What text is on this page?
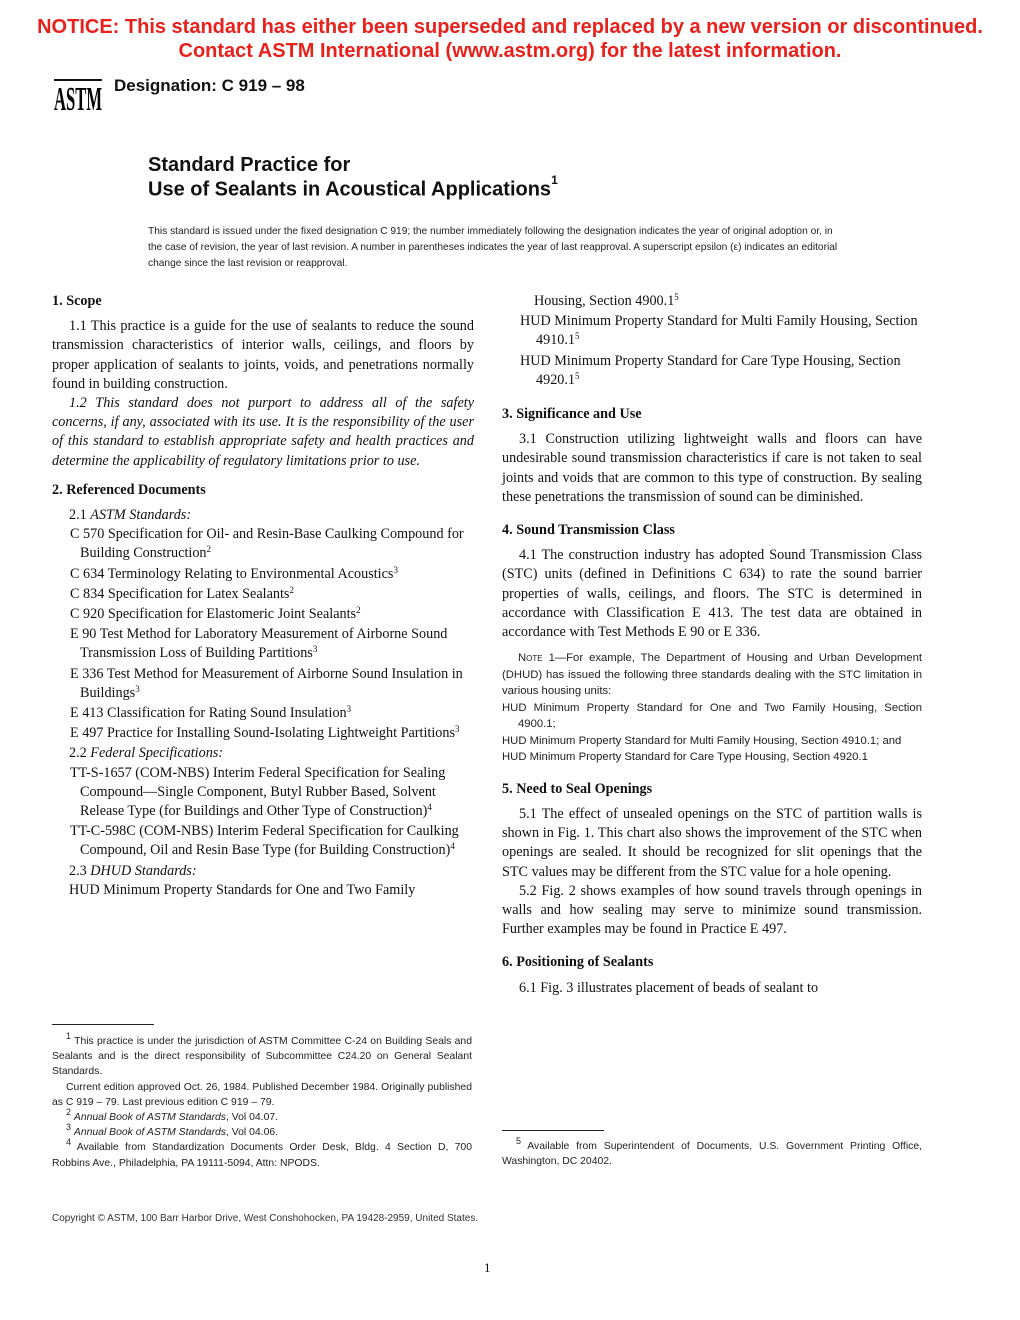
NOTICE: This standard has either been superseded and replaced by a new version or discontinued.
Contact ASTM International (www.astm.org) for the latest information.
ASTM Designation: C 919 – 98
Standard Practice for
Use of Sealants in Acoustical Applications$^1$
This standard is issued under the fixed designation C 919; the number immediately following the designation indicates the year of original adoption or, in the case of revision, the year of last revision. A number in parentheses indicates the year of last reapproval. A superscript epsilon (ε) indicates an editorial change since the last revision or reapproval.
1. Scope
1.1 This practice is a guide for the use of sealants to reduce the sound transmission characteristics of interior walls, ceilings, and floors by proper application of sealants to joints, voids, and penetrations normally found in building construction.
1.2 This standard does not purport to address all of the safety concerns, if any, associated with its use. It is the responsibility of the user of this standard to establish appropriate safety and health practices and determine the applicability of regulatory limitations prior to use.
2. Referenced Documents
2.1 ASTM Standards:
C 570 Specification for Oil- and Resin-Base Caulking Compound for Building Construction$^2$
C 634 Terminology Relating to Environmental Acoustics$^3$
C 834 Specification for Latex Sealants$^2$
C 920 Specification for Elastomeric Joint Sealants$^2$
E 90 Test Method for Laboratory Measurement of Airborne Sound Transmission Loss of Building Partitions$^3$
E 336 Test Method for Measurement of Airborne Sound Insulation in Buildings$^3$
E 413 Classification for Rating Sound Insulation$^3$
E 497 Practice for Installing Sound-Isolating Lightweight Partitions$^3$
2.2 Federal Specifications:
TT-S-1657 (COM-NBS) Interim Federal Specification for Sealing Compound—Single Component, Butyl Rubber Based, Solvent Release Type (for Buildings and Other Type of Construction)$^4$
TT-C-598C (COM-NBS) Interim Federal Specification for Caulking Compound, Oil and Resin Base Type (for Building Construction)$^4$
2.3 DHUD Standards:
HUD Minimum Property Standards for One and Two Family
Housing, Section 4900.1$^5$
HUD Minimum Property Standard for Multi Family Housing, Section 4910.1$^5$
HUD Minimum Property Standard for Care Type Housing, Section 4920.1$^5$
3. Significance and Use
3.1 Construction utilizing lightweight walls and floors can have undesirable sound transmission characteristics if care is not taken to seal joints and voids that are common to this type of construction. By sealing these penetrations the transmission of sound can be diminished.
4. Sound Transmission Class
4.1 The construction industry has adopted Sound Transmission Class (STC) units (defined in Definitions C 634) to rate the sound barrier properties of walls, ceilings, and floors. The STC is determined in accordance with Classification E 413. The test data are obtained in accordance with Test Methods E 90 or E 336.
Note 1—For example, The Department of Housing and Urban Development (DHUD) has issued the following three standards dealing with the STC limitation in various housing units:
HUD Minimum Property Standard for One and Two Family Housing, Section 4900.1;
HUD Minimum Property Standard for Multi Family Housing, Section 4910.1; and
HUD Minimum Property Standard for Care Type Housing, Section 4920.1
5. Need to Seal Openings
5.1 The effect of unsealed openings on the STC of partition walls is shown in Fig. 1. This chart also shows the improvement of the STC when openings are sealed. It should be recognized for slit openings that the STC values may be different from the STC value for a hole opening.
5.2 Fig. 2 shows examples of how sound travels through openings in walls and how sealing may serve to minimize sound transmission. Further examples may be found in Practice E 497.
6. Positioning of Sealants
6.1 Fig. 3 illustrates placement of beads of sealant to

$^1$ This practice is under the jurisdiction of ASTM Committee C-24 on Building Seals and Sealants and is the direct responsibility of Subcommittee C24.20 on General Sealant Standards.

Current edition approved Oct. 26, 1984. Published December 1984. Originally published as C 919 – 79. Last previous edition C 919 – 79.

$^2$ Annual Book of ASTM Standards, Vol 04.07.

$^3$ Annual Book of ASTM Standards, Vol 04.06.

$^4$ Available from Standardization Documents Order Desk, Bldg. 4 Section D, 700 Robbins Ave., Philadelphia, PA 19111-5094, Attn: NPODS.

$^5$ Available from Superintendent of Documents, U.S. Government Printing Office, Washington, DC 20402.

Copyright © ASTM, 100 Barr Harbor Drive, West Conshohocken, PA 19428-2959, United States.
1
